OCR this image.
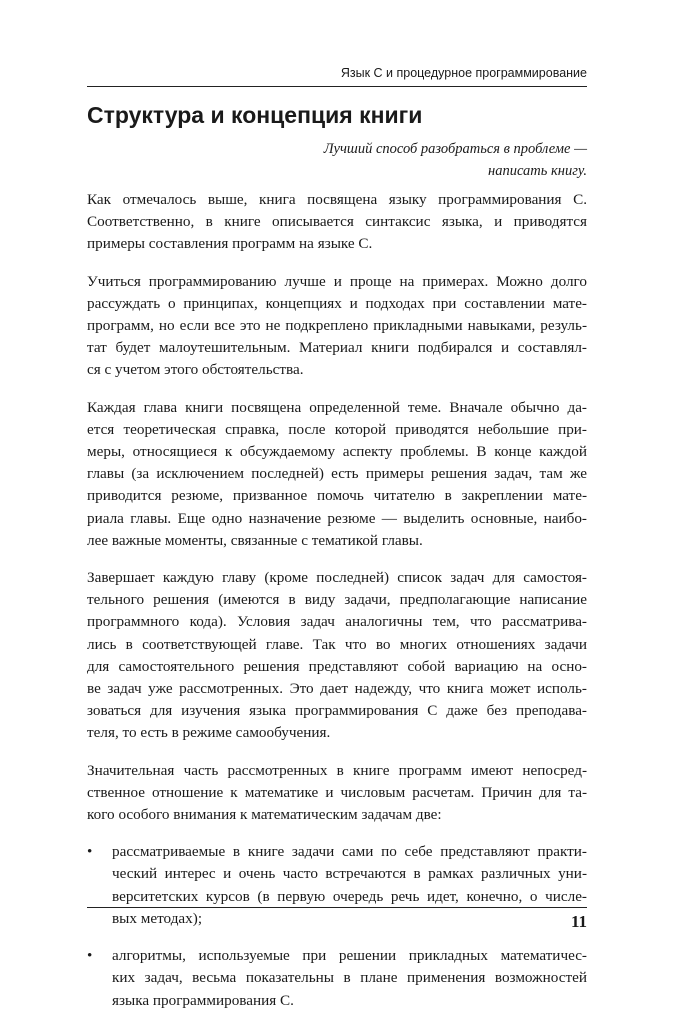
Язык C и процедурное программирование
Структура и концепция книги
Лучший способ разобраться в проблеме —
написать книгу.

Как отмечалось выше, книга посвящена языку программирования C.
Соответственно, в книге описывается синтаксис языка, и приводятся
примеры составления программ на языке C.

Учиться программированию лучше и проще на примерах. Можно долго
рассуждать о принципах, концепциях и подходах при составлении мате-
программ, но если все это не подкреплено прикладными навыками, резуль-
тат будет малоутешительным. Материал книги подбирался и составлял-
ся с учетом этого обстоятельства.

Каждая глава книги посвящена определенной теме. Вначале обычно да-
ется теоретическая справка, после которой приводятся небольшие при-
меры, относящиеся к обсуждаемому аспекту проблемы. В конце каждой
главы (за исключением последней) есть примеры решения задач, там же
приводится резюме, призванное помочь читателю в закреплении мате-
риала главы. Еще одно назначение резюме — выделить основные, наибо-
лее важные моменты, связанные с тематикой главы.

Завершает каждую главу (кроме последней) список задач для самостоя-
тельного решения (имеются в виду задачи, предполагающие написание
программного кода). Условия задач аналогичны тем, что рассматрива-
лись в соответствующей главе. Так что во многих отношениях задачи
для самостоятельного решения представляют собой вариацию на осно-
ве задач уже рассмотренных. Это дает надежду, что книга может исполь-
зоваться для изучения языка программирования C даже без преподава-
теля, то есть в режиме самообучения.

Значительная часть рассмотренных в книге программ имеют непосред-
ственное отношение к математике и числовым расчетам. Причин для та-
кого особого внимания к математическим задачам две:

• рассматриваемые в книге задачи сами по себе представляют практи-
ческий интерес и очень часто встречаются в рамках различных уни-
верситетских курсов (в первую очередь речь идет, конечно, о числе-
вых методах);
• алгоритмы, используемые при решении прикладных математичес-
ких задач, весьма показательны в плане применения возможностей
языка программирования C.
11
